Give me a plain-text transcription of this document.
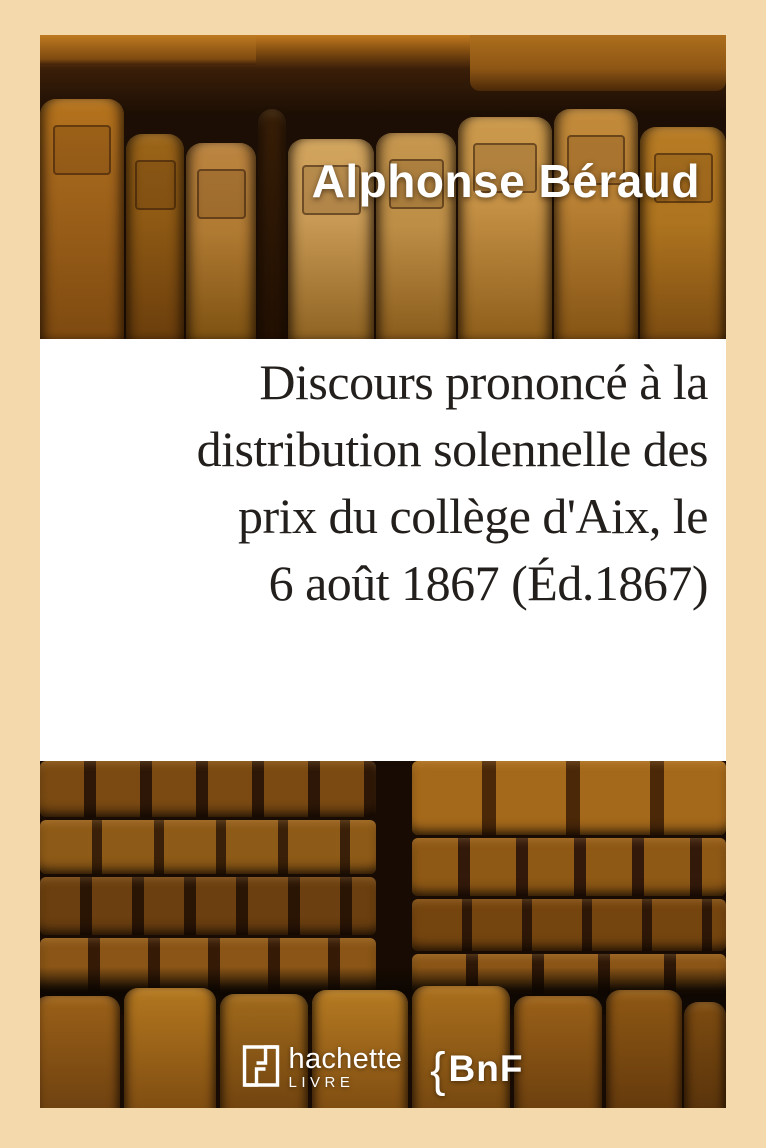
Alphonse Béraud
Discours prononcé à la
distribution solennelle des
prix du collège d'Aix, le
6 août 1867 (Éd.1867)
hachette
LIVRE	{ BnF
